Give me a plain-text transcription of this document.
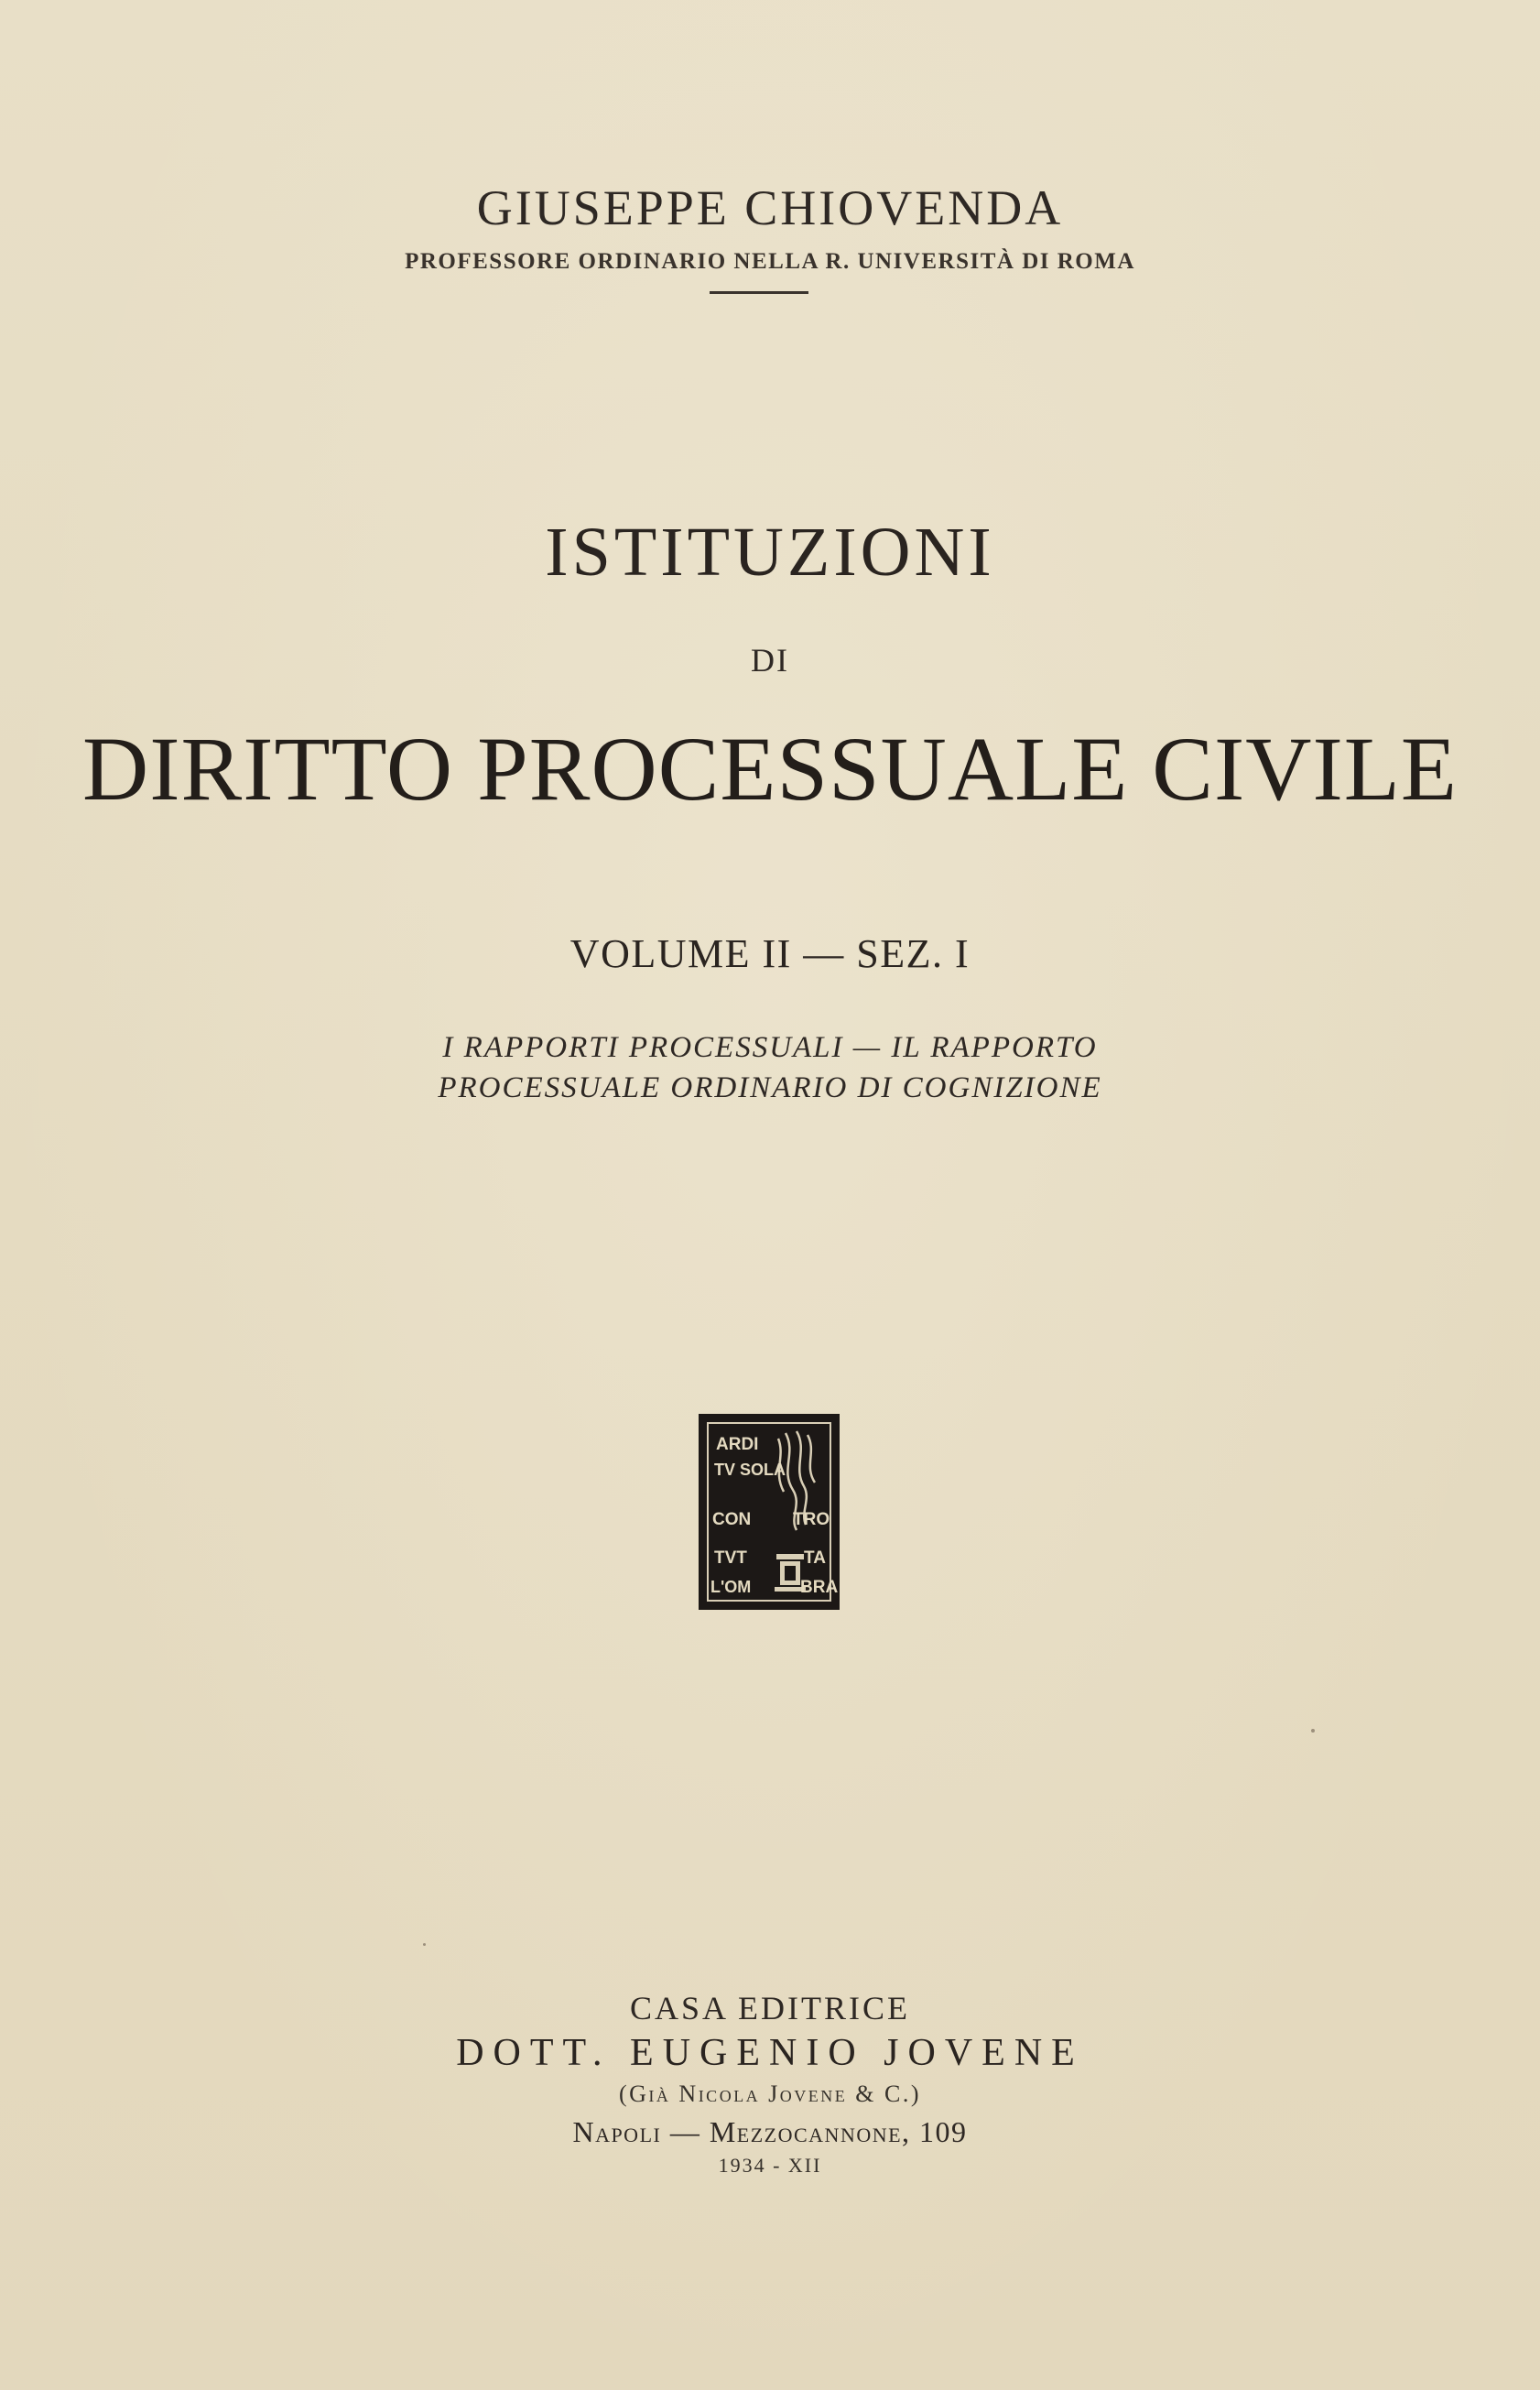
GIUSEPPE CHIOVENDA
PROFESSORE ORDINARIO NELLA R. UNIVERSITÀ DI ROMA
ISTITUZIONI
DI
DIRITTO PROCESSUALE CIVILE
VOLUME II — SEZ. I
I RAPPORTI PROCESSUALI — IL RAPPORTO
PROCESSUALE ORDINARIO DI COGNIZIONE
ARDI
TV SOLA
CON TRO
TVT	TA
L'OM	BRA
CASA EDITRICE
DOTT. EUGENIO JOVENE
(Già Nicola Jovene & C.)
Napoli — Mezzocannone, 109
1934 - XII
